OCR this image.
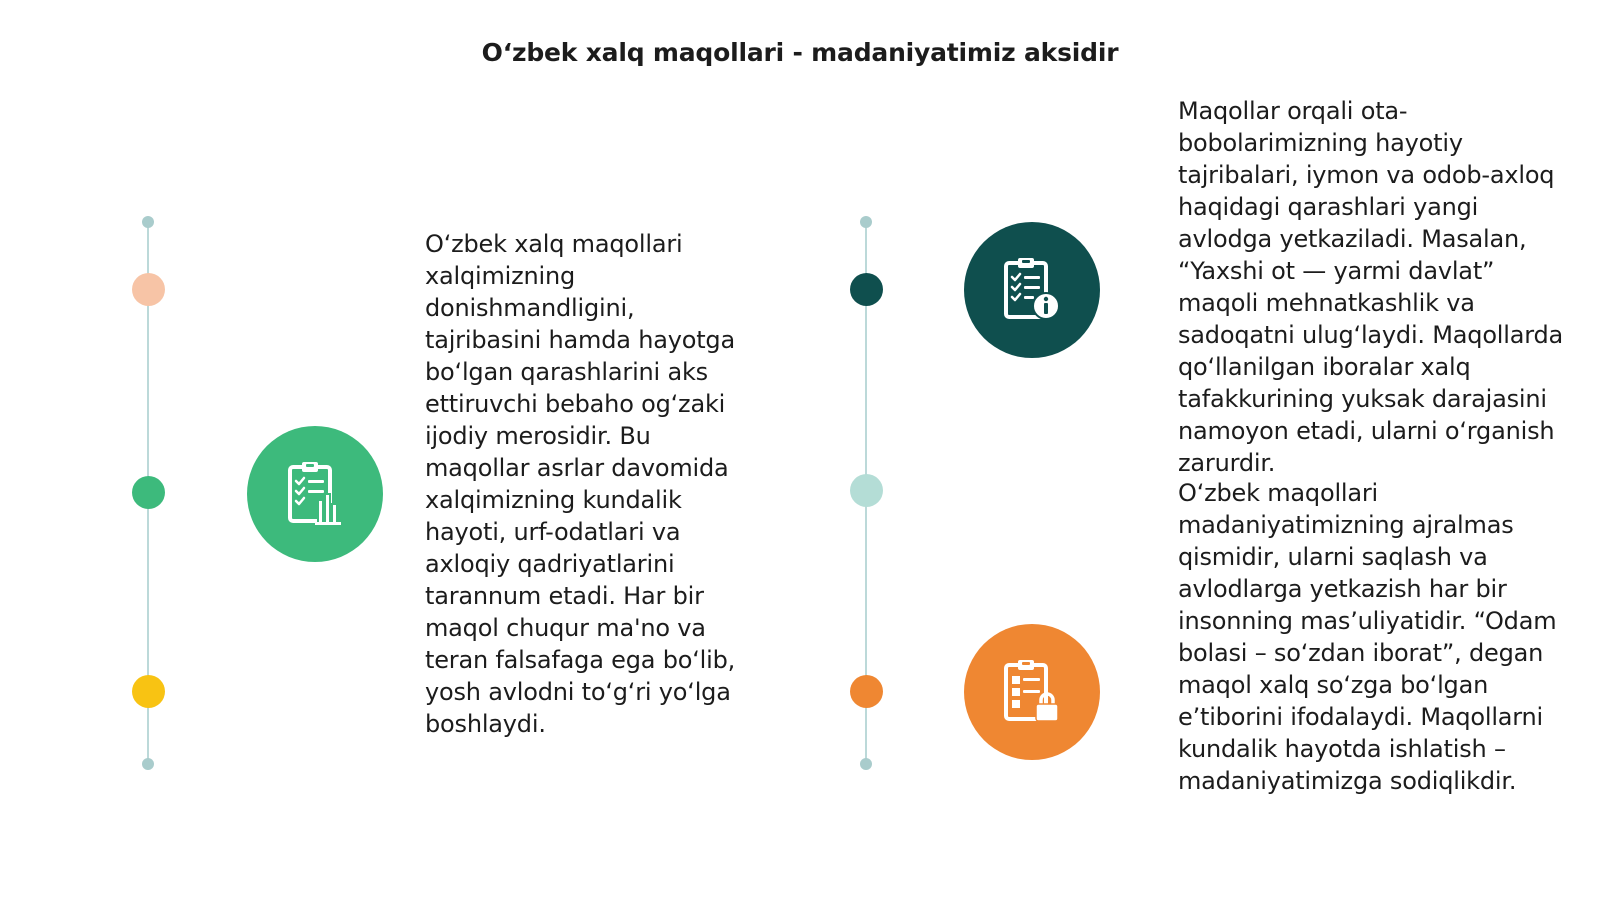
O‘zbek xalq maqollari - madaniyatimiz aksidir

O‘zbek xalq maqollari xalqimizning donishmandligini, tajribasini hamda hayotga bo‘lgan qarashlarini aks ettiruvchi bebaho og‘zaki ijodiy merosidir. Bu maqollar asrlar davomida xalqimizning kundalik hayoti, urf-odatlari va axloqiy qadriyatlarini tarannum etadi. Har bir maqol chuqur ma'no va teran falsafaga ega bo‘lib, yosh avlodni to‘g‘ri yo‘lga boshlaydi.

Maqollar orqali ota-bobolarimizning hayotiy tajribalari, iymon va odob-axloq haqidagi qarashlari yangi avlodga yetkaziladi. Masalan, “Yaxshi ot — yarmi davlat” maqoli mehnatkashlik va sadoqatni ulug‘laydi. Maqollarda qo‘llanilgan iboralar xalq tafakkurining yuksak darajasini namoyon etadi, ularni o‘rganish zarurdir.

O‘zbek maqollari madaniyatimizning ajralmas qismidir, ularni saqlash va avlodlarga yetkazish har bir insonning mas’uliyatidir. “Odam bolasi – so‘zdan iborat”, degan maqol xalq so‘zga bo‘lgan e’tiborini ifodalaydi. Maqollarni kundalik hayotda ishlatish – madaniyatimizga sodiqlikdir.
